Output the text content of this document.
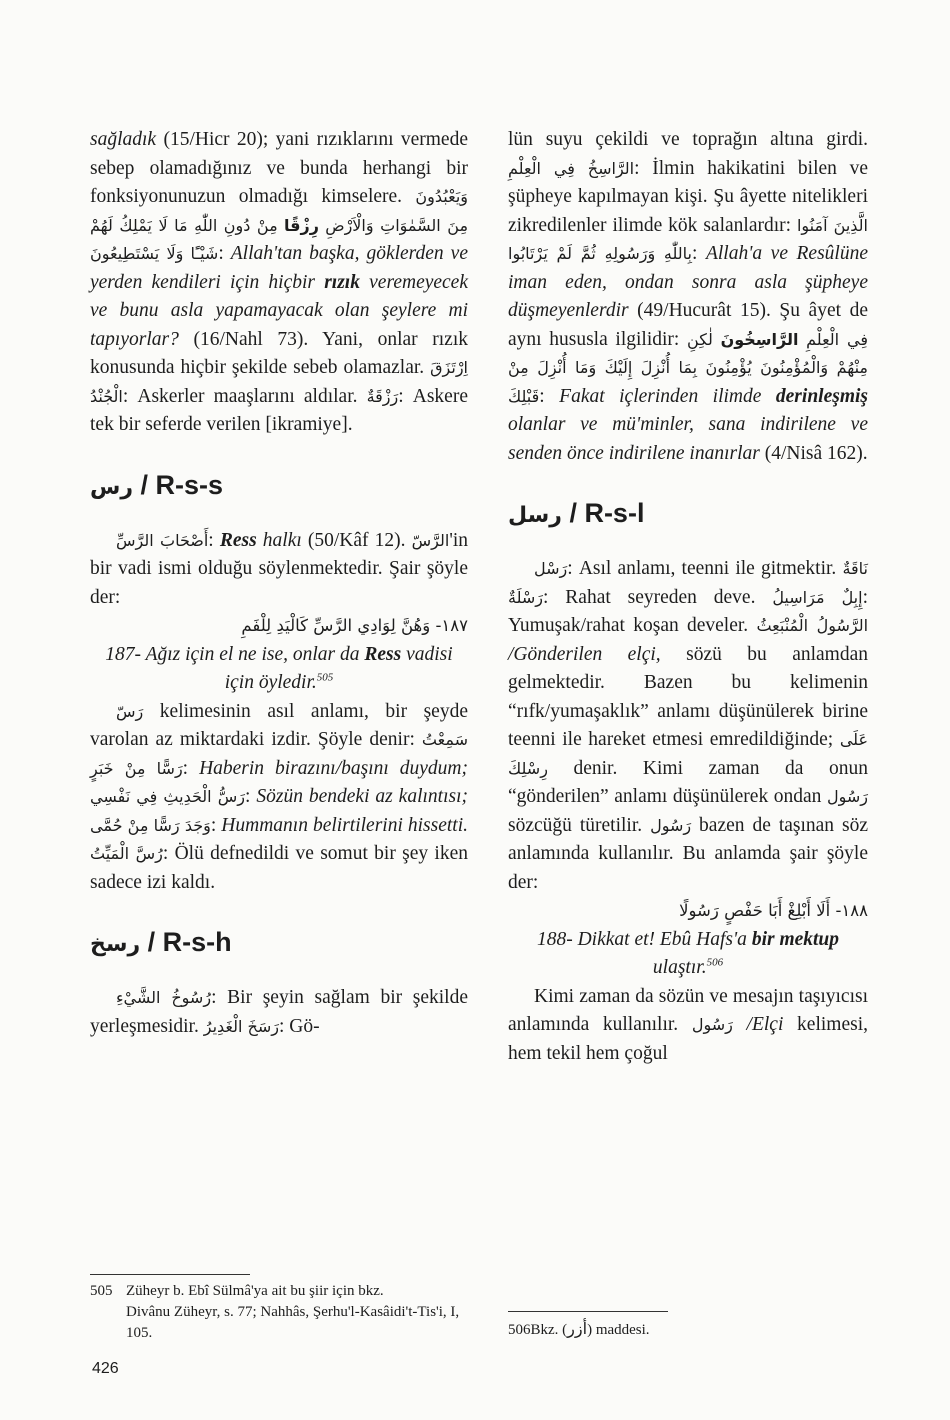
sağladık (15/Hicr 20); yani rızıklarını vermede sebep olamadığınız ve bunda herhangi bir fonksiyonunuzun olmadığı kimselere. وَيَعْبُدُونَ مِنْ دُونِ اللّٰهِ مَا لَا يَمْلِكُ لَهُمْ رِزْقًا مِنَ السَّمٰوَاتِ وَالْاَرْضِ شَيْـًٔا وَلَا يَسْتَطِيعُونَ: Allah'tan başka, göklerden ve yerden kendileri için hiçbir rızık veremeyecek ve bunu asla yapamayacak olan şeylere mi tapıyorlar? (16/Nahl 73). Yani, onlar rızık konusunda hiçbir şekilde sebeb olamazlar. اِرْتَزَقَ الْجُنْدُ: Askerler maaşlarını aldılar. رَزْقَةٌ: Askere tek bir seferde verilen [ikramiye].

رس / R-s-s

أَصْحَابَ الرَّسِّ: Ress halkı (50/Kâf 12). الرَّسّ'in bir vadi ismi olduğu söylenmektedir. Şair şöyle der:

١٨٧- وَهُنَّ لِوَادِي الرَّسِّ كَالْيَدِ لِلْفَمِ

187- Ağız için el ne ise, onlar da Ress vadisi için öyledir.$^{505}$

رَسّ kelimesinin asıl anlamı, bir şeyde varolan az miktardaki izdir. Şöyle denir: سَمِعْتُ رَسًّا مِنْ خَبَرٍ: Haberin birazını/başını duydum; رَسُّ الْحَدِيثِ فِي نَفْسِي: Sözün bendeki az kalıntısı; وَجَدَ رَسًّا مِنْ حُمَّى: Hummanın belirtilerini hissetti. رُسَّ الْمَيِّتُ: Ölü defnedildi ve somut bir şey iken sadece izi kaldı.

رسخ / R-s-h

رُسُوخُ الشَّيْءِ: Bir şeyin sağlam bir şekilde yerleşmesidir. رَسَخَ الْغَدِيرُ: Gö-

505 Züheyr b. Ebî Sülmâ'ya ait bu şiir için bkz.
Divânu Züheyr, s. 77; Nahhâs, Şerhu'l-Kasâidi't-Tis'i, I, 105.

lün suyu çekildi ve toprağın altına girdi. الرَّاسِخُ فِي الْعِلْمِ: İlmin hakikatini bilen ve şüpheye kapılmayan kişi. Şu âyette nitelikleri zikredilenler ilimde kök salanlardır: الَّذِينَ آمَنُوا بِاللّٰهِ وَرَسُولِهِ ثُمَّ لَمْ يَرْتَابُوا: Allah'a ve Resûlüne iman eden, ondan sonra asla şüpheye düşmeyenlerdir (49/Hucurât 15). Şu âyet de aynı hususla ilgilidir: لٰكِنِ الرَّاسِخُونَ فِي الْعِلْمِ مِنْهُمْ وَالْمُؤْمِنُونَ يُؤْمِنُونَ بِمَا أُنْزِلَ إِلَيْكَ وَمَا أُنْزِلَ مِنْ قَبْلِكَ: Fakat içlerinden ilimde derinleşmiş olanlar ve mü'minler, sana indirilene ve senden önce indirilene inanırlar (4/Nisâ 162).

رسل / R-s-l

رَسْل: Asıl anlamı, teenni ile gitmektir. نَاقَةٌ رَسْلَةٌ: Rahat seyreden deve. إِبِلٌ مَرَاسِيلُ: Yumuşak/rahat koşan develer. الرَّسُولُ الْمُنْبَعِثُ /Gönderilen elçi, sözü bu anlamdan gelmektedir. Bazen bu kelimenin “rıfk/yumaşaklık” anlamı düşünülerek birine teenni ile hareket etmesi emredildiğinde; عَلَى رِسْلِكَ denir. Kimi zaman da onun “gönderilen” anlamı düşünülerek ondan رَسُول sözcüğü türetilir. رَسُول bazen de taşınan söz anlamında kullanılır. Bu anlamda şair şöyle der:

١٨٨- أَلَا أَبْلِغْ أَبَا حَفْصٍ رَسُولًا

188- Dikkat et! Ebû Hafs'a bir mektup ulaştır.$^{506}$

Kimi zaman da sözün ve mesajın taşıyıcısı anlamında kullanılır. رَسُول /Elçi kelimesi, hem tekil hem çoğul

506Bkz. (أزر) maddesi.
426
